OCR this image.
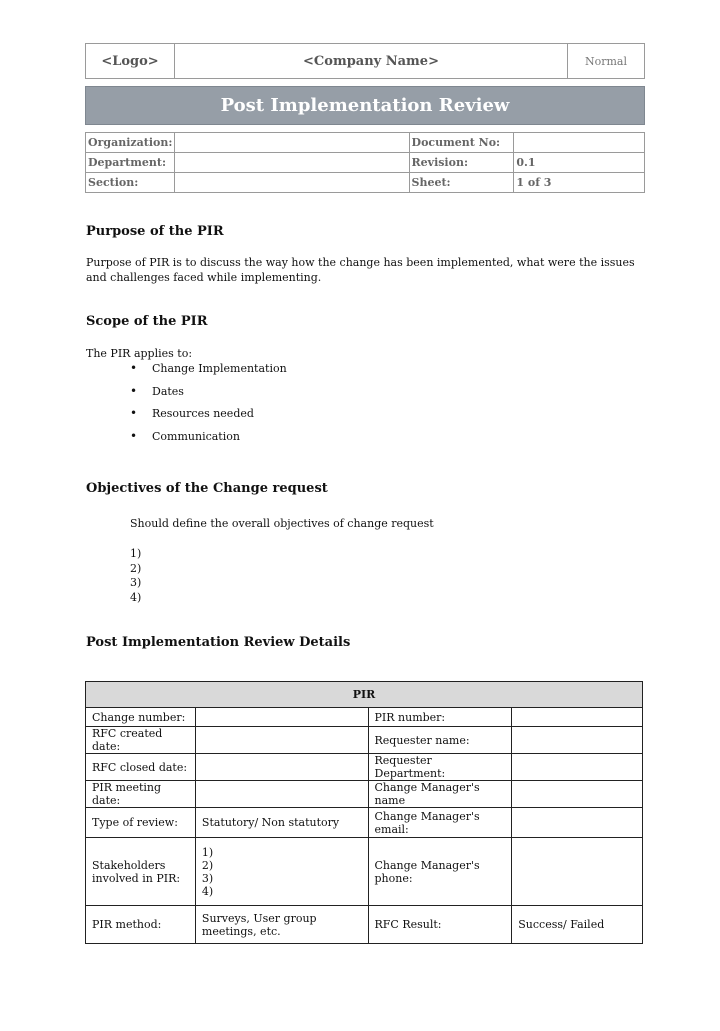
<Logo>	<Company Name>	Normal
Post Implementation Review
Organization:		Document No:	
Department:		Revision:	0.1
Section:		Sheet:	1 of 3
Purpose of the PIR

Purpose of PIR is to discuss the way how the change has been implemented, what were the issues and challenges faced while implementing.

Scope of the PIR

The PIR applies to:

• Change Implementation
• Dates
• Resources needed
• Communication
Objectives of the Change request

Should define the overall objectives of change request

1)
2)
3)
4)
Post Implementation Review Details
PIR			
Change number:		PIR number:	
RFC created date:		Requester name:	
RFC closed date:		Requester Department:	
PIR meeting date:		Change Manager's name	
Type of review:	Statutory/ Non statutory	Change Manager's email:	
Stakeholders involved in PIR:	1)
2)
3)
4)	Change Manager's phone:	
PIR method:	Surveys, User group meetings, etc.	RFC Result:	Success/ Failed
